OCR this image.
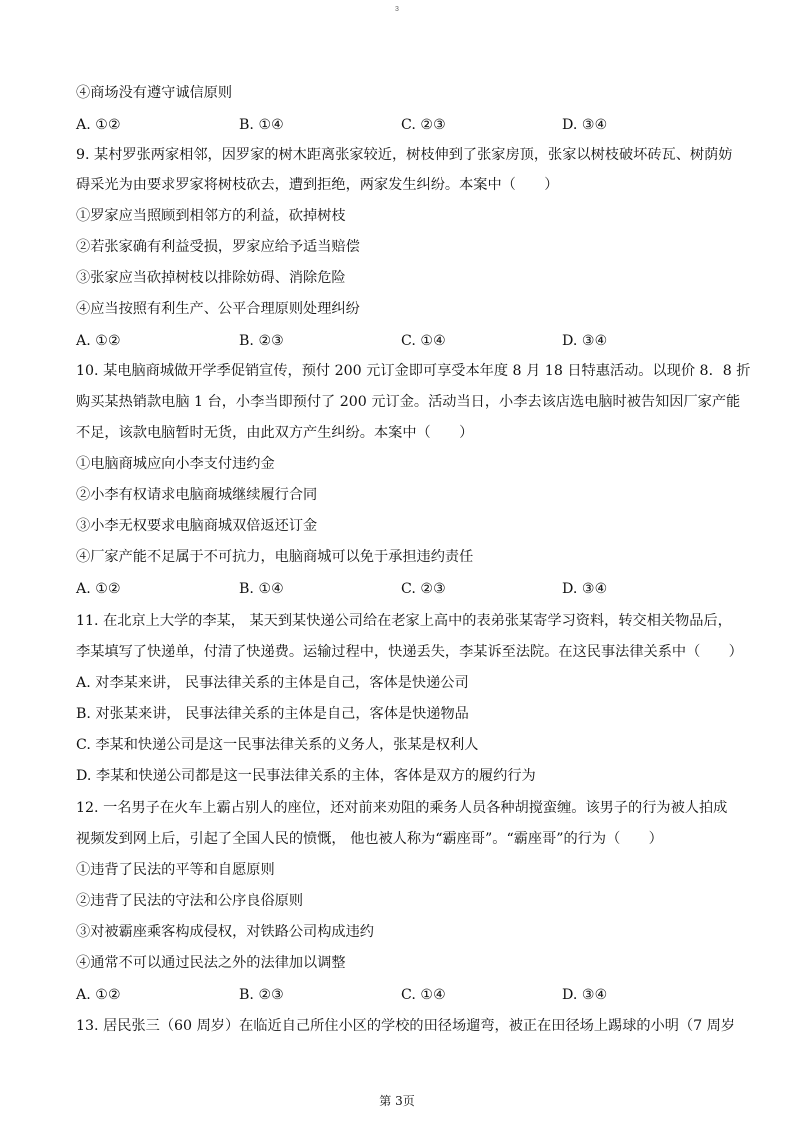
3
④商场没有遵守诚信原则
A. ①②	B. ①④	C. ②③	D. ③④
9. 某村罗张两家相邻，因罗家的树木距离张家较近，树枝伸到了张家房顶，张家以树枝破坏砖瓦、树荫妨
碍采光为由要求罗家将树枝砍去，遭到拒绝，两家发生纠纷。本案中（　　）
①罗家应当照顾到相邻方的利益，砍掉树枝
②若张家确有利益受损，罗家应给予适当赔偿
③张家应当砍掉树枝以排除妨碍、消除危险
④应当按照有利生产、公平合理原则处理纠纷
A. ①②	B. ②③	C. ①④	D. ③④
10. 某电脑商城做开学季促销宣传，预付 200 元订金即可享受本年度 8 月 18 日特惠活动。以现价 8．8 折
购买某热销款电脑 1 台，小李当即预付了 200 元订金。活动当日，小李去该店选电脑时被告知因厂家产能
不足，该款电脑暂时无货，由此双方产生纠纷。本案中（　　）
①电脑商城应向小李支付违约金
②小李有权请求电脑商城继续履行合同
③小李无权要求电脑商城双倍返还订金
④厂家产能不足属于不可抗力，电脑商城可以免于承担违约责任
A. ①②	B. ①④	C. ②③	D. ③④
11. 在北京上大学的李某， 某天到某快递公司给在老家上高中的表弟张某寄学习资料，转交相关物品后，
李某填写了快递单，付清了快递费。运输过程中，快递丢失，李某诉至法院。在这民事法律关系中（　　）
A. 对李某来讲， 民事法律关系的主体是自己，客体是快递公司
B. 对张某来讲， 民事法律关系的主体是自己，客体是快递物品
C. 李某和快递公司是这一民事法律关系的义务人，张某是权利人
D. 李某和快递公司都是这一民事法律关系的主体，客体是双方的履约行为
12. 一名男子在火车上霸占别人的座位，还对前来劝阻的乘务人员各种胡搅蛮缠。该男子的行为被人拍成
视频发到网上后，引起了全国人民的愤慨， 他也被人称为“霸座哥”。“霸座哥”的行为（　　）
①违背了民法的平等和自愿原则
②违背了民法的守法和公序良俗原则
③对被霸座乘客构成侵权，对铁路公司构成违约
④通常不可以通过民法之外的法律加以调整
A. ①②	B. ②③	C. ①④	D. ③④
13. 居民张三（60 周岁）在临近自己所住小区的学校的田径场遛弯，被正在田径场上踢球的小明（7 周岁
第 3页
